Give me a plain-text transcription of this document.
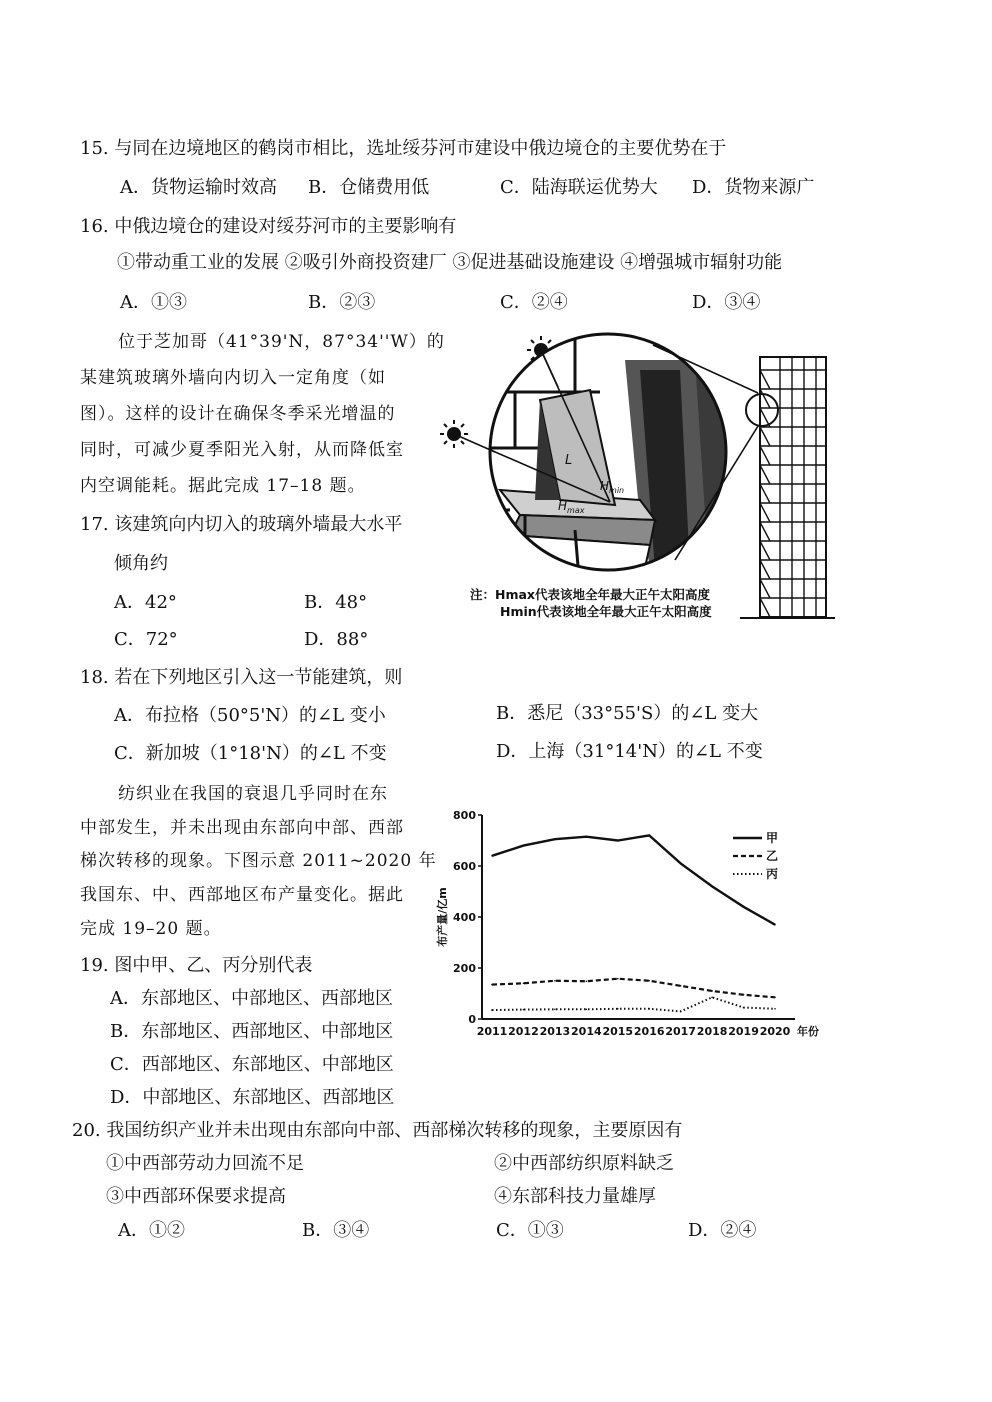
15. 与同在边境地区的鹤岗市相比，选址绥芬河市建设中俄边境仓的主要优势在于
A．货物运输时效高 B．仓储费用低	C．陆海联运优势大 D．货物来源广
16. 中俄边境仓的建设对绥芬河市的主要影响有
①带动重工业的发展 ②吸引外商投资建厂 ③促进基础设施建设 ④增强城市辐射功能
A．①③	B．②③	C．②④	D．③④
位于芝加哥（41°39'N，87°34''W）的
某建筑玻璃外墙向内切入一定角度（如
图）。这样的设计在确保冬季采光增温的
同时，可减少夏季阳光入射，从而降低室
内空调能耗。据此完成 17–18 题。
L
$H_{min}$
$H_{max}$
注：Hmax代表该地全年最大正午太阳高度
Hmin代表该地全年最大正午太阳高度
17. 该建筑向内切入的玻璃外墙最大水平
倾角约
A．42°	B．48°
C．72°	D．88°
18. 若在下列地区引入这一节能建筑，则
A．布拉格（50°5'N）的∠L 变小	B．悉尼（33°55'S）的∠L 变大
C．新加坡（1°18'N）的∠L 不变	D．上海（31°14'N）的∠L 不变
纺织业在我国的衰退几乎同时在东
中部发生，并未出现由东部向中部、西部
梯次转移的现象。下图示意 2011~2020 年
我国东、中、西部地区布产量变化。据此
完成 19–20 题。
0
200
400
600
800
2011 2012 2013 2014 2015 2016 2017 2018 2019 2020 年份
布产量/亿m
甲
乙
丙
19. 图中甲、乙、丙分别代表
A．东部地区、中部地区、西部地区
B．东部地区、西部地区、中部地区
C．西部地区、东部地区、中部地区
D．中部地区、东部地区、西部地区
20. 我国纺织产业并未出现由东部向中部、西部梯次转移的现象，主要原因有
①中西部劳动力回流不足	②中西部纺织原料缺乏
③中西部环保要求提高	④东部科技力量雄厚
A．①②	B．③④	C．①③	D．②④
